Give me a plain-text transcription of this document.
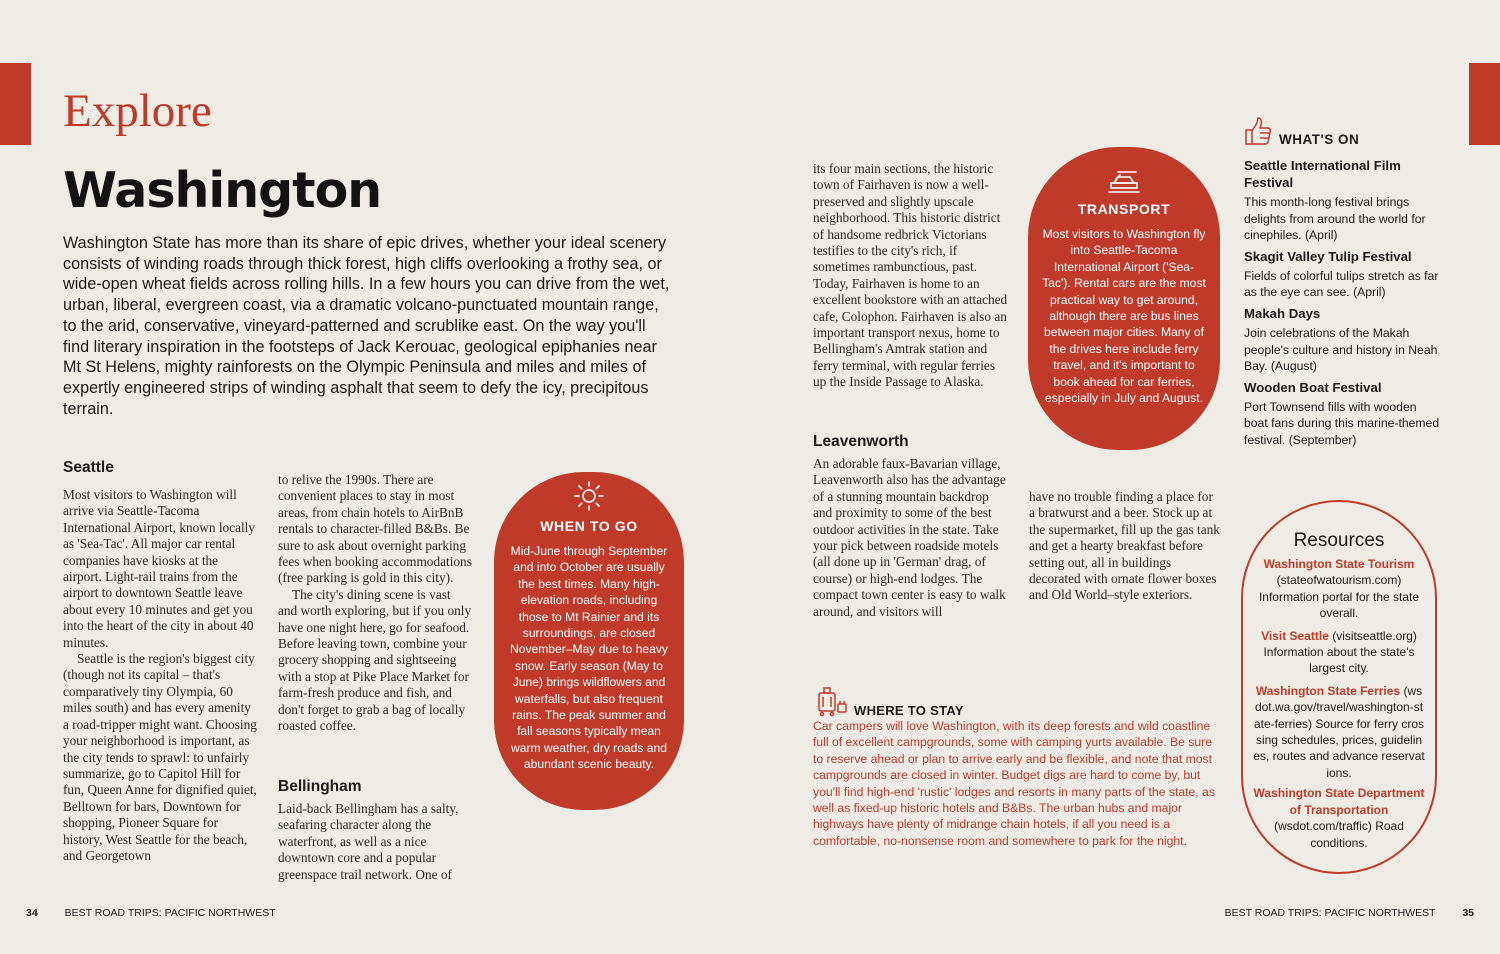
Explore
Washington

Washington State has more than its share of epic drives, whether your ideal scenery consists of winding roads through thick forest, high cliffs overlooking a frothy sea, or wide-open wheat fields across rolling hills. In a few hours you can drive from the wet, urban, liberal, evergreen coast, via a dramatic volcano-punctuated mountain range, to the arid, conservative, vineyard-patterned and scrublike east. On the way you'll find literary inspiration in the footsteps of Jack Kerouac, geological epiphanies near Mt St Helens, mighty rainforests on the Olympic Peninsula and miles and miles of expertly engineered strips of winding asphalt that seem to defy the icy, precipitous terrain.

Seattle

Most visitors to Washington will arrive via Seattle-Tacoma International Airport, known locally as 'Sea-Tac'. All major car rental companies have kiosks at the airport. Light-rail trains from the airport to downtown Seattle leave about every 10 minutes and get you into the heart of the city in about 40 minutes.

Seattle is the region's biggest city (though not its capital – that's comparatively tiny Olympia, 60 miles south) and has every amenity a road-tripper might want. Choosing your neighborhood is important, as the city tends to sprawl: to unfairly summarize, go to Capitol Hill for fun, Queen Anne for dignified quiet, Belltown for bars, Downtown for shopping, Pioneer Square for history, West Seattle for the beach, and Georgetown

to relive the 1990s. There are convenient places to stay in most areas, from chain hotels to AirBnB rentals to character-filled B&Bs. Be sure to ask about overnight parking fees when booking accommodations (free parking is gold in this city).

The city's dining scene is vast and worth exploring, but if you only have one night here, go for seafood. Before leaving town, combine your grocery shopping and sightseeing with a stop at Pike Place Market for farm-fresh produce and fish, and don't forget to grab a bag of locally roasted coffee.

Bellingham

Laid-back Bellingham has a salty, seafaring character along the waterfront, as well as a nice downtown core and a popular greenspace trail network. One of

WHEN TO GO
Mid-June through September and into October are usually the best times. Many high-elevation roads, including those to Mt Rainier and its surroundings, are closed November–May due to heavy snow. Early season (May to June) brings wildflowers and waterfalls, but also frequent rains. The peak summer and fall seasons typically mean warm weather, dry roads and abundant scenic beauty.

its four main sections, the historic town of Fairhaven is now a well-preserved and slightly upscale neighborhood. This historic district of handsome redbrick Victorians testifies to the city's rich, if sometimes rambunctious, past. Today, Fairhaven is home to an excellent bookstore with an attached cafe, Colophon. Fairhaven is also an important transport nexus, home to Bellingham's Amtrak station and ferry terminal, with regular ferries up the Inside Passage to Alaska.

Leavenworth

An adorable faux-Bavarian village, Leavenworth also has the advantage of a stunning mountain backdrop and proximity to some of the best outdoor activities in the state. Take your pick between roadside motels (all done up in 'German' drag, of course) or high-end lodges. The compact town center is easy to walk around, and visitors will

have no trouble finding a place for a bratwurst and a beer. Stock up at the supermarket, fill up the gas tank and get a hearty breakfast before setting out, all in buildings decorated with ornate flower boxes and Old World–style exteriors.

TRANSPORT
Most visitors to Washington fly into Seattle-Tacoma International Airport ('Sea-Tac'). Rental cars are the most practical way to get around, although there are bus lines between major cities. Many of the drives here include ferry travel, and it's important to book ahead for car ferries, especially in July and August.
WHERE TO STAY

Car campers will love Washington, with its deep forests and wild coastline full of excellent campgrounds, some with camping yurts available. Be sure to reserve ahead or plan to arrive early and be flexible, and note that most campgrounds are closed in winter. Budget digs are hard to come by, but you'll find high-end 'rustic' lodges and resorts in many parts of the state, as well as fixed-up historic hotels and B&Bs. The urban hubs and major highways have plenty of midrange chain hotels, if all you need is a comfortable, no-nonsense room and somewhere to park for the night.

WHAT'S ON
Seattle International Film Festival
This month-long festival brings delights from around the world for cinephiles. (April)
Skagit Valley Tulip Festival
Fields of colorful tulips stretch as far as the eye can see. (April)
Makah Days
Join celebrations of the Makah people's culture and history in Neah Bay. (August)
Wooden Boat Festival
Port Townsend fills with wooden boat fans during this marine-themed festival. (September)
Resources
Washington State Tourism (stateofwatourism.com) Information portal for the state overall.
Visit Seattle (visitseattle.org) Information about the state's largest city.
Washington State Ferries (wsdot.wa.gov/travel/washington-state-ferries) Source for ferry crossing schedules, prices, guidelines, routes and advance reservations.
Washington State Department of Transportation (wsdot.com/traffic) Road conditions.
34	BEST ROAD TRIPS: PACIFIC NORTHWEST	BEST ROAD TRIPS: PACIFIC NORTHWEST	35
